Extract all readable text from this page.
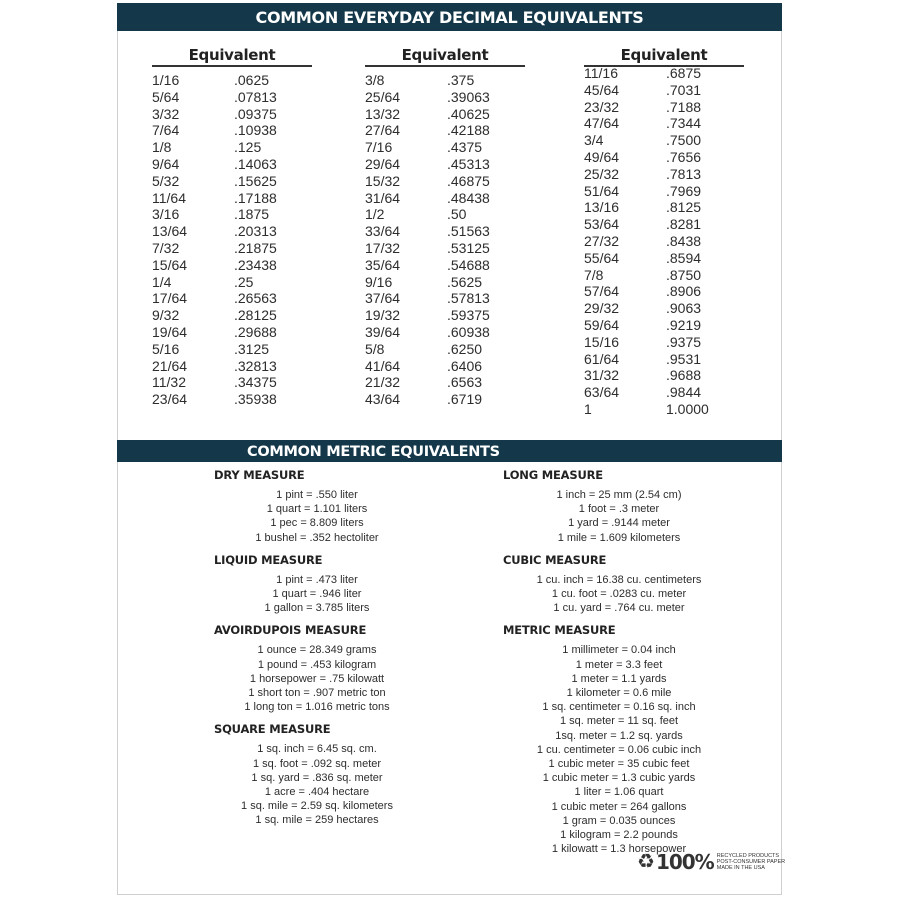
COMMON EVERYDAY DECIMAL EQUIVALENTS
Equivalent
1/16	.0625
5/64	.07813
3/32	.09375
7/64	.10938
1/8	.125
9/64	.14063
5/32	.15625
11/64	.17188
3/16	.1875
13/64	.20313
7/32	.21875
15/64	.23438
1/4	.25
17/64	.26563
9/32	.28125
19/64	.29688
5/16	.3125
21/64	.32813
11/32	.34375
23/64	.35938
Equivalent
3/8	.375
25/64	.39063
13/32	.40625
27/64	.42188
7/16	.4375
29/64	.45313
15/32	.46875
31/64	.48438
1/2	.50
33/64	.51563
17/32	.53125
35/64	.54688
9/16	.5625
37/64	.57813
19/32	.59375
39/64	.60938
5/8	.6250
41/64	.6406
21/32	.6563
43/64	.6719
Equivalent
11/16	.6875
45/64	.7031
23/32	.7188
47/64	.7344
3/4	.7500
49/64	.7656
25/32	.7813
51/64	.7969
13/16	.8125
53/64	.8281
27/32	.8438
55/64	.8594
7/8	.8750
57/64	.8906
29/32	.9063
59/64	.9219
15/16	.9375
61/64	.9531
31/32	.9688
63/64	.9844
1	1.0000
COMMON METRIC EQUIVALENTS
DRY MEASURE
1 pint = .550 liter
1 quart = 1.101 liters
1 pec = 8.809 liters
1 bushel = .352 hectoliter
LIQUID MEASURE
1 pint = .473 liter
1 quart = .946 liter
1 gallon = 3.785 liters
AVOIRDUPOIS MEASURE
1 ounce = 28.349 grams
1 pound = .453 kilogram
1 horsepower = .75 kilowatt
1 short ton = .907 metric ton
1 long ton = 1.016 metric tons
SQUARE MEASURE
1 sq. inch = 6.45 sq. cm.
1 sq. foot = .092 sq. meter
1 sq. yard = .836 sq. meter
1 acre = .404 hectare
1 sq. mile = 2.59 sq. kilometers
1 sq. mile = 259 hectares
LONG MEASURE
1 inch = 25 mm (2.54 cm)
1 foot = .3 meter
1 yard = .9144 meter
1 mile = 1.609 kilometers
CUBIC MEASURE
1 cu. inch = 16.38 cu. centimeters
1 cu. foot = .0283 cu. meter
1 cu. yard = .764 cu. meter
METRIC MEASURE
1 millimeter = 0.04 inch
1 meter = 3.3 feet
1 meter = 1.1 yards
1 kilometer = 0.6 mile
1 sq. centimeter = 0.16 sq. inch
1 sq. meter = 11 sq. feet
1sq. meter = 1.2 sq. yards
1 cu. centimeter = 0.06 cubic inch
1 cubic meter = 35 cubic feet
1 cubic meter = 1.3 cubic yards
1 liter = 1.06 quart
1 cubic meter = 264 gallons
1 gram = 0.035 ounces
1 kilogram = 2.2 pounds
1 kilowatt = 1.3 horsepower
♻ 100% RECYCLED PRODUCTS
POST-CONSUMER PAPER
MADE IN THE USA
